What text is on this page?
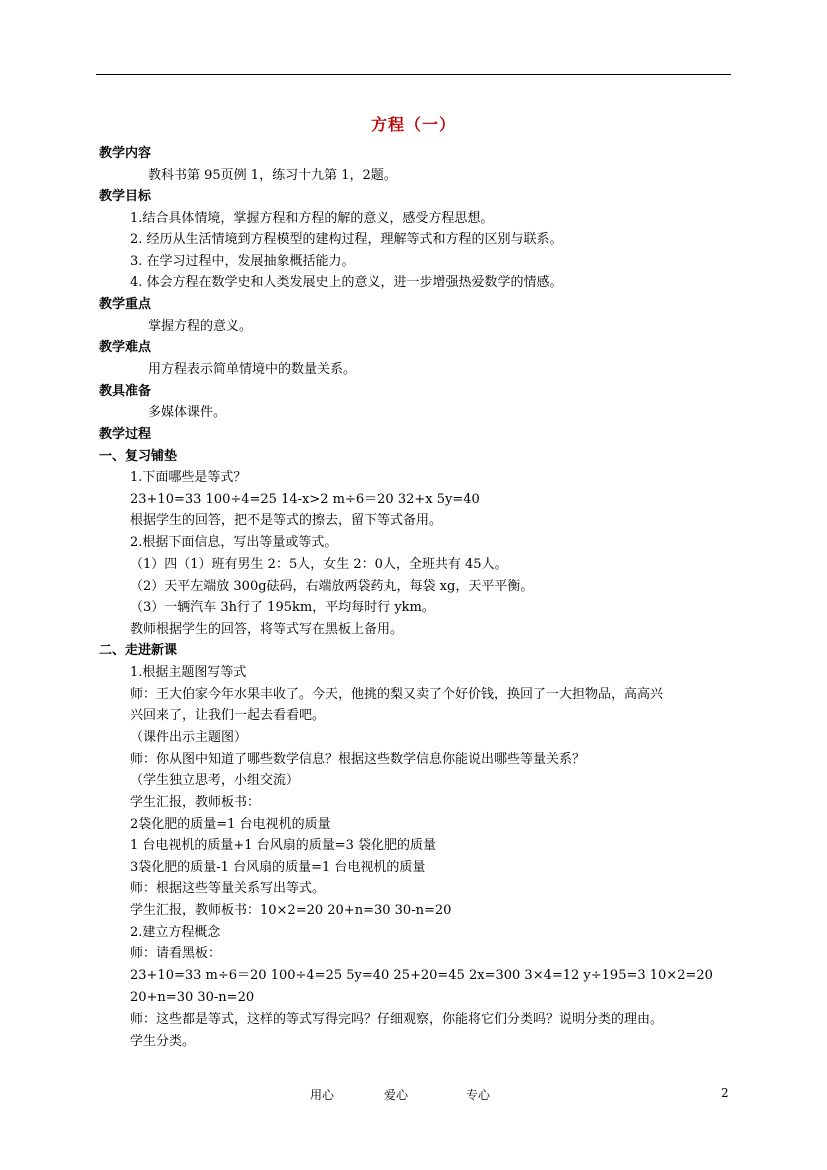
方程（一）
教学内容
教科书第 95页例 1，练习十九第 1，2题。
教学目标
1.结合具体情境，掌握方程和方程的解的意义，感受方程思想。
2. 经历从生活情境到方程模型的建构过程，理解等式和方程的区别与联系。
3. 在学习过程中，发展抽象概括能力。
4. 体会方程在数学史和人类发展史上的意义，进一步增强热爱数学的情感。
教学重点
掌握方程的意义。
教学难点
用方程表示简单情境中的数量关系。
教具准备
多媒体课件。
教学过程
一、复习铺垫
1.下面哪些是等式？
23+10=33 100÷4=25 14-x>2 m÷6＝20 32+x 5y=40
根据学生的回答，把不是等式的擦去，留下等式备用。
2.根据下面信息，写出等量或等式。
（1）四（1）班有男生 2：5人，女生 2：0人，全班共有 45人。
（2）天平左端放 300g砝码，右端放两袋药丸，每袋 xg，天平平衡。
（3）一辆汽车 3h行了 195km，平均每时行 ykm。
教师根据学生的回答，将等式写在黑板上备用。
二、走进新课
1.根据主题图写等式
师：王大伯家今年水果丰收了。今天，他挑的梨又卖了个好价钱，换回了一大担物品，高高兴
兴回来了，让我们一起去看看吧。
（课件出示主题图）
师：你从图中知道了哪些数学信息？根据这些数学信息你能说出哪些等量关系？
（学生独立思考，小组交流）
学生汇报，教师板书：
2袋化肥的质量=1 台电视机的质量
1 台电视机的质量+1 台风扇的质量=3 袋化肥的质量
3袋化肥的质量-1 台风扇的质量=1 台电视机的质量
师：根据这些等量关系写出等式。
学生汇报，教师板书：10×2=20 20+n=30 30-n=20
2.建立方程概念
师：请看黑板：
23+10=33 m÷6＝20 100÷4=25 5y=40 25+20=45 2x=300 3×4=12 y÷195=3 10×2=20
20+n=30 30-n=20
师：这些都是等式，这样的等式写得完吗？仔细观察，你能将它们分类吗？说明分类的理由。
学生分类。
用心	爱心	专心	2
